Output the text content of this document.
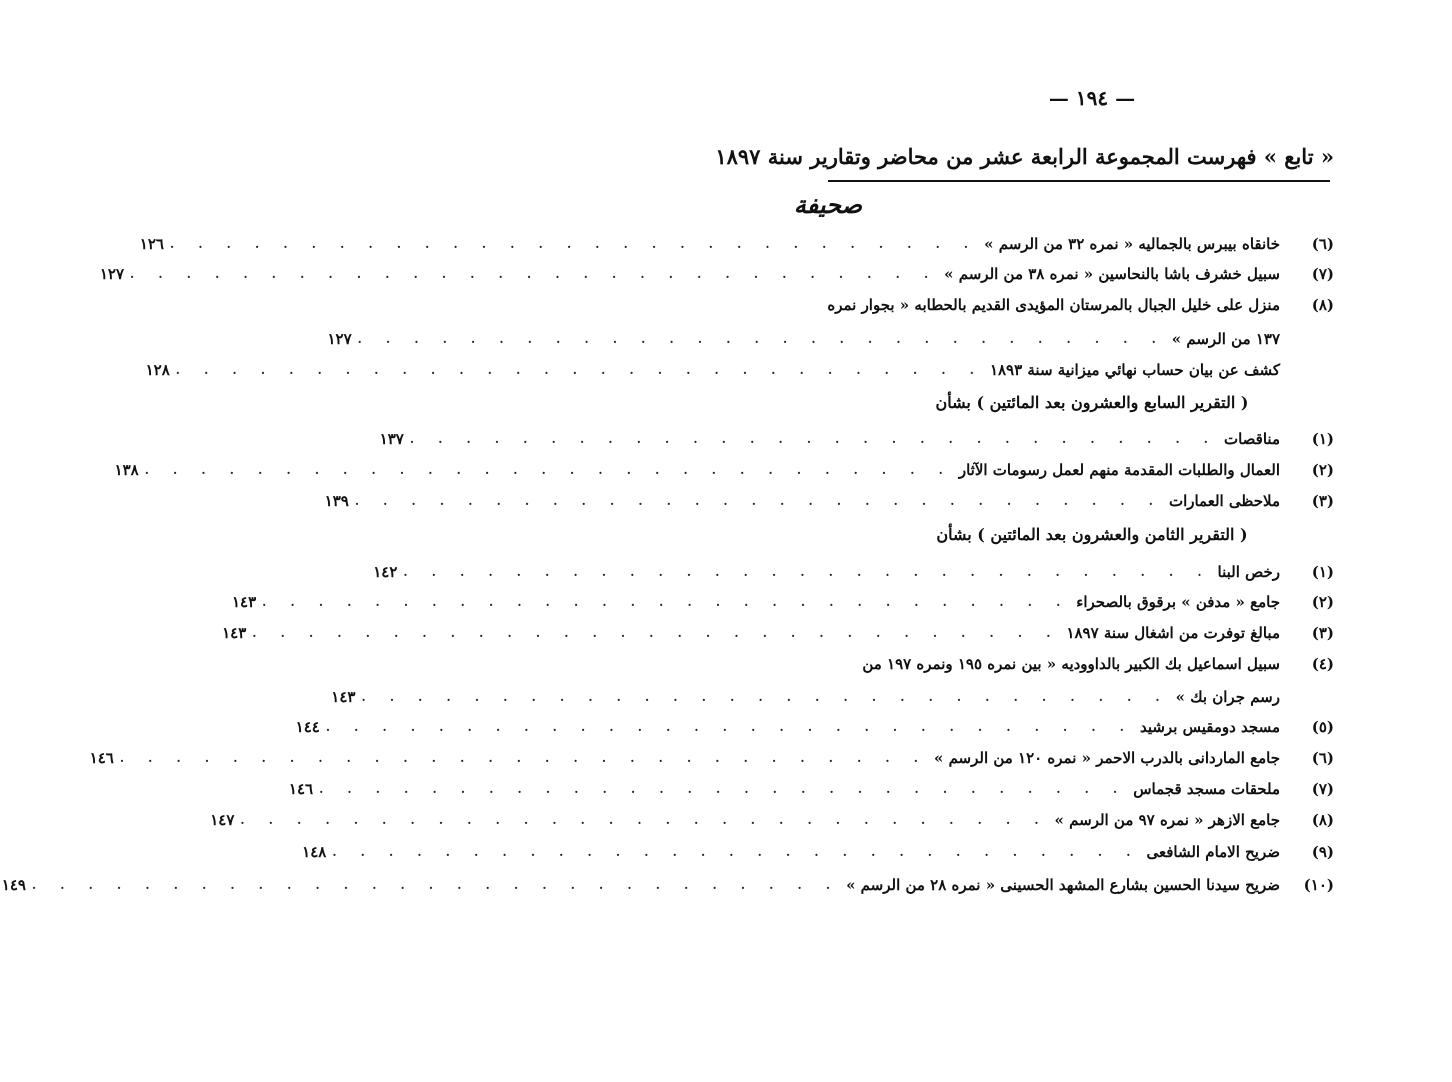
— ١٩٤ —
« تابع » فهرست المجموعة الرابعة عشر من محاضر وتقارير سنة ١٨٩٧
صحيفة
(٦)
خانقاه بيبرس بالجماليه « نمره ٣٢ من الرسم »
. . . . . . . . . . . . . . . . . . . . . . . . . . . . .
١٢٦
(٧)
سبيل خشرف باشا بالنحاسين « نمره ٣٨ من الرسم »
. . . . . . . . . . . . . . . . . . . . . . . . . . . . .
١٢٧
(٨)
منزل على خليل الجبال بالمرستان المؤيدى القديم بالحطابه « بجوار نمره
١٣٧ من الرسم »
. . . . . . . . . . . . . . . . . . . . . . . . . . . . .
١٢٧
كشف عن بيان حساب نهائي ميزانية سنة ١٨٩٣
. . . . . . . . . . . . . . . . . . . . . . . . . . . . .
١٢٨
( التقرير السابع والعشرون بعد المائتين ) بشأن
(١)
مناقصات
. . . . . . . . . . . . . . . . . . . . . . . . . . . . .
١٣٧
(٢)
العمال والطلبات المقدمة منهم لعمل رسومات الآثار
. . . . . . . . . . . . . . . . . . . . . . . . . . . . .
١٣٨
(٣)
ملاحظى العمارات
. . . . . . . . . . . . . . . . . . . . . . . . . . . . .
١٣٩
( التقرير الثامن والعشرون بعد المائتين ) بشأن
(١)
رخص البنا
. . . . . . . . . . . . . . . . . . . . . . . . . . . . .
١٤٢
(٢)
جامع « مدفن » برقوق بالصحراء
. . . . . . . . . . . . . . . . . . . . . . . . . . . . .
١٤٣
(٣)
مبالغ توفرت من اشغال سنة ١٨٩٧
. . . . . . . . . . . . . . . . . . . . . . . . . . . . .
١٤٣
(٤)
سبيل اسماعيل بك الكبير بالداووديه « بين نمره ١٩٥ ونمره ١٩٧ من
رسم جران بك »
. . . . . . . . . . . . . . . . . . . . . . . . . . . . .
١٤٣
(٥)
مسجد دومقيس برشيد
. . . . . . . . . . . . . . . . . . . . . . . . . . . . .
١٤٤
(٦)
جامع الماردانى بالدرب الاحمر « نمره ١٢٠ من الرسم »
. . . . . . . . . . . . . . . . . . . . . . . . . . . . .
١٤٦
(٧)
ملحقات مسجد قجماس
. . . . . . . . . . . . . . . . . . . . . . . . . . . . .
١٤٦
(٨)
جامع الازهر « نمره ٩٧ من الرسم »
. . . . . . . . . . . . . . . . . . . . . . . . . . . . .
١٤٧
(٩)
ضريح الامام الشافعى
. . . . . . . . . . . . . . . . . . . . . . . . . . . . .
١٤٨
(١٠)
ضريح سيدنا الحسين بشارع المشهد الحسينى « نمره ٢٨ من الرسم »
. . . . . . . . . . . . . . . . . . . . . . . . . . . . .
١٤٩
